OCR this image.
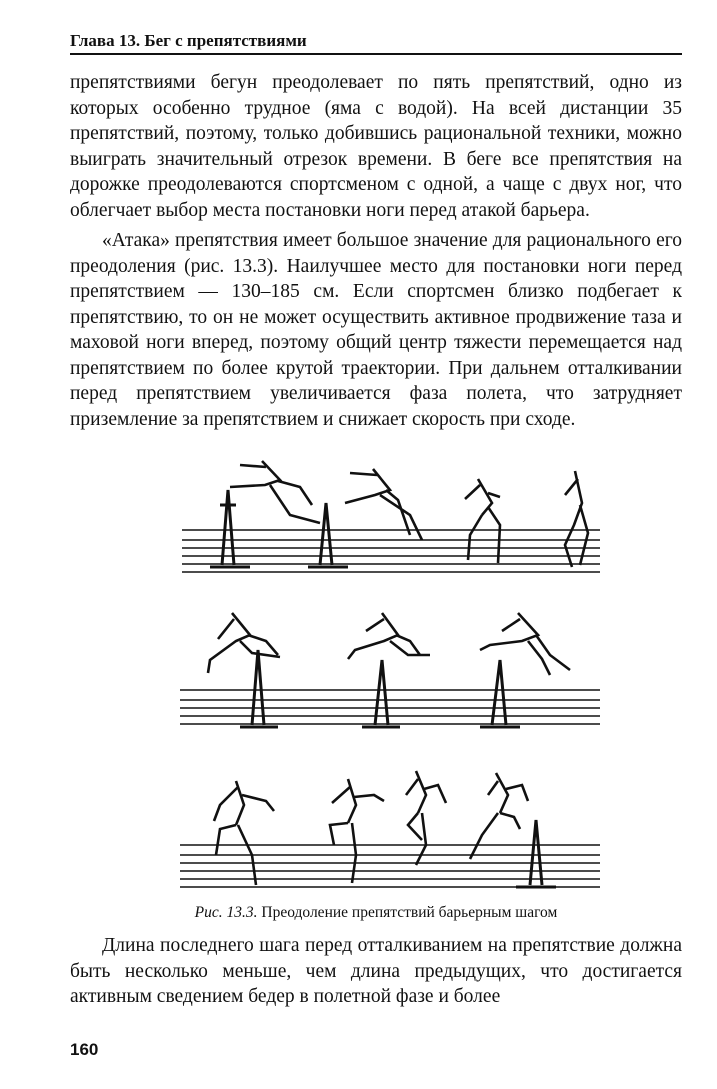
Глава 13. Бег с препятствиями

препятствиями бегун преодолевает по пять препятствий, одно из которых особенно трудное (яма с водой). На всей дистанции 35 препятствий, поэтому, только добившись рациональной техники, можно выиграть значительный отрезок времени. В беге все препятствия на дорожке преодолеваются спортсменом с одной, а чаще с двух ног, что облегчает выбор места постановки ноги перед атакой барьера.

«Атака» препятствия имеет большое значение для рационального его преодоления (рис. 13.3). Наилучшее место для постановки ноги перед препятствием — 130–185 см. Если спортсмен близко подбегает к препятствию, то он не может осуществить активное продвижение таза и маховой ноги вперед, поэтому общий центр тяжести перемещается над препятствием по более крутой траектории. При дальнем отталкивании перед препятствием увеличивается фаза полета, что затрудняет приземление за препятствием и снижает скорость при сходе.

Рис. 13.3. Преодоление препятствий барьерным шагом

Длина последнего шага перед отталкиванием на препятствие должна быть несколько меньше, чем длина предыдущих, что достигается активным сведением бедер в полетной фазе и более

160
